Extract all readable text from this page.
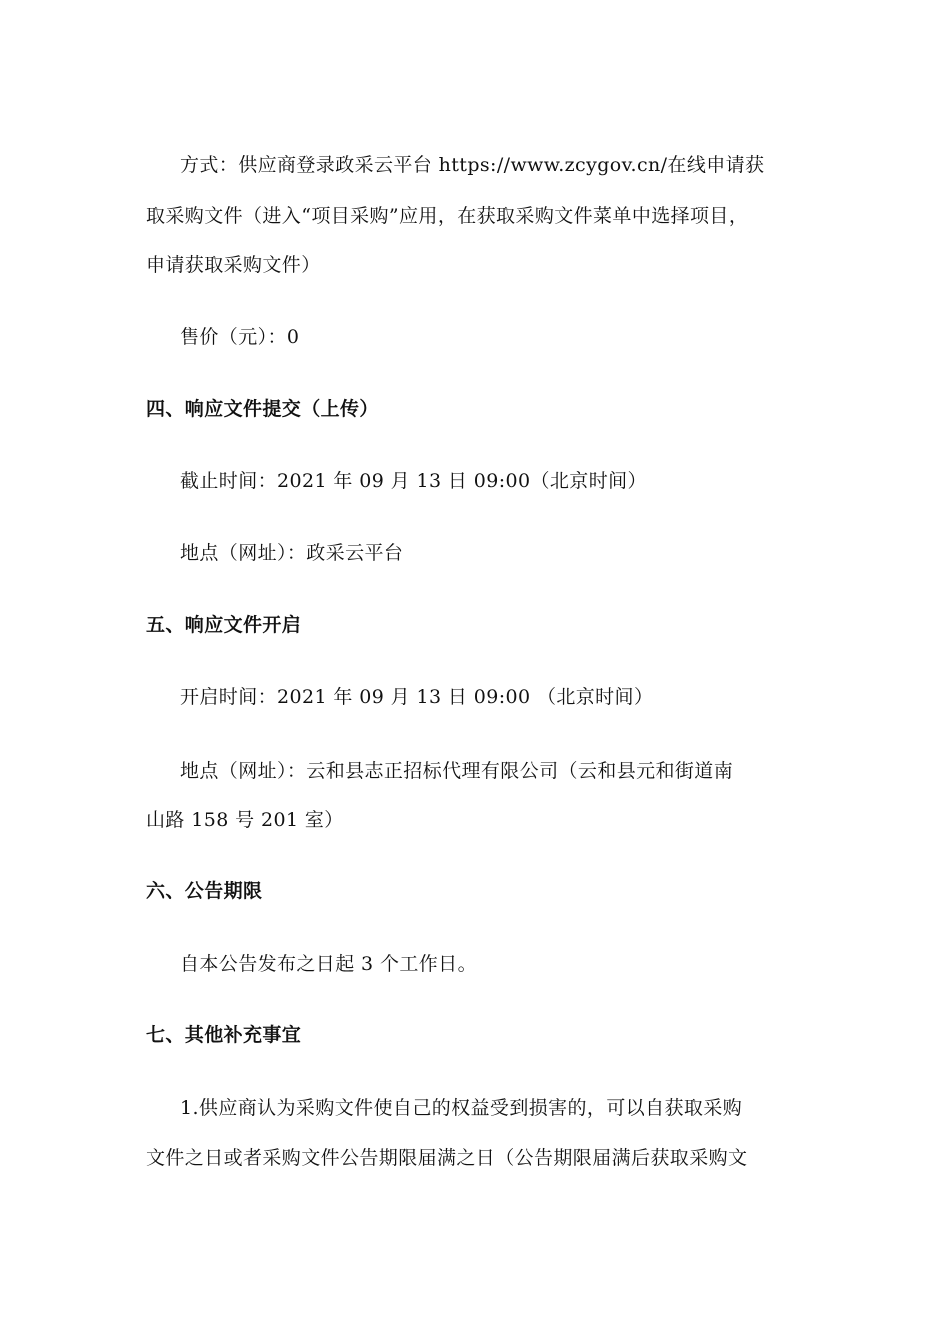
方式：供应商登录政采云平台 https://www.zcygov.cn/在线申请获
取采购文件（进入“项目采购”应用，在获取采购文件菜单中选择项目，
申请获取采购文件）
售价（元）：0
四、响应文件提交（上传）
截止时间：2021 年 09 月 13 日 09:00（北京时间）
地点（网址）：政采云平台
五、响应文件开启
开启时间：2021 年 09 月 13 日 09:00 （北京时间）
地点（网址）：云和县志正招标代理有限公司（云和县元和街道南
山路 158 号 201 室）
六、公告期限
自本公告发布之日起 3 个工作日。
七、其他补充事宜
1.供应商认为采购文件使自己的权益受到损害的，可以自获取采购
文件之日或者采购文件公告期限届满之日（公告期限届满后获取采购文
